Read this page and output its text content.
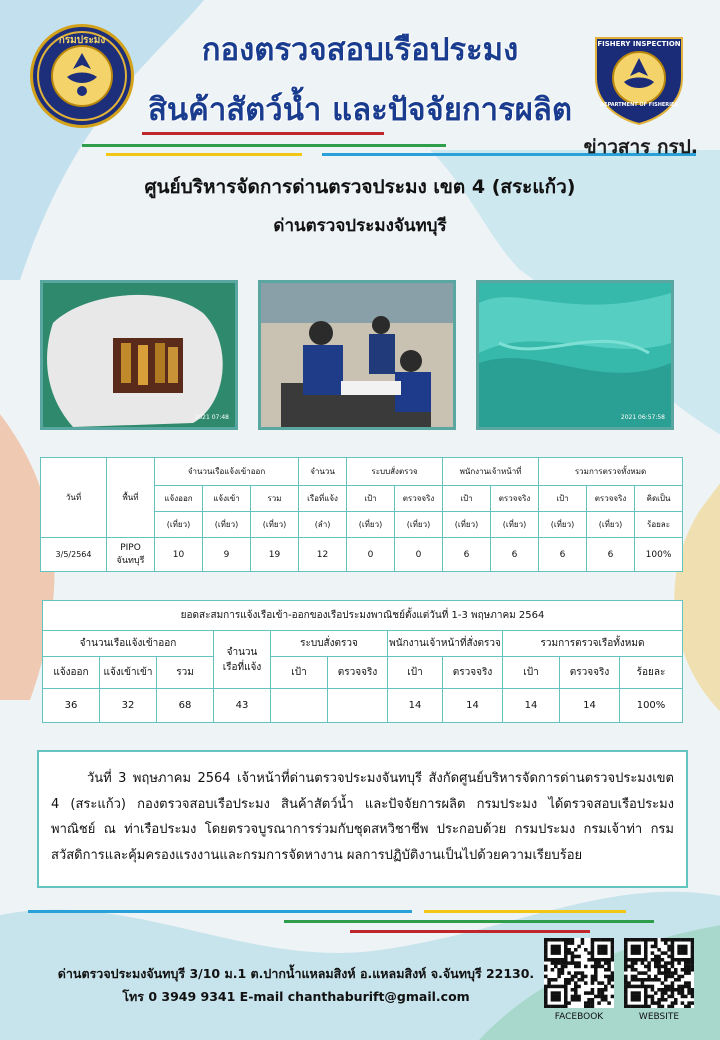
กรมประมง	FISHERY INSPECTION
DEPARTMENT OF FISHERIES
กองตรวจสอบเรือประมง
สินค้าสัตว์น้ำ และปัจจัยการผลิต
ข่าวสาร กรป.
ศูนย์บริหารจัดการด่านตรวจประมง เขต 4 (สระแก้ว)
ด่านตรวจประมงจันทบุรี
2021 07:48	2021 06:57:58
วันที่	พื้นที่	จำนวนเรือแจ้งเข้าออก			จำนวน	ระบบสั่งตรวจ		พนักงานเจ้าหน้าที่		รวมการตรวจทั้งหมด		
		แจ้งออก	แจ้งเข้า	รวม	เรือที่แจ้ง	เป้า	ตรวจจริง	เป้า	ตรวจจริง	เป้า	ตรวจจริง	คิดเป็น
		(เที่ยว)	(เที่ยว)	(เที่ยว)	(ลำ)	(เที่ยว)	(เที่ยว)	(เที่ยว)	(เที่ยว)	(เที่ยว)	(เที่ยว)	ร้อยละ
3/5/2564	PIPO จันทบุรี	10	9	19	12	0	0	6	6	6	6	100%
ยอดสะสมการแจ้งเรือเข้า-ออกของเรือประมงพาณิชย์ตั้งแต่วันที่ 1-3 พฤษภาคม 2564										
จำนวนเรือแจ้งเข้าออก			จำนวนเรือที่แจ้ง	ระบบสั่งตรวจ		พนักงานเจ้าหน้าที่สั่งตรวจ		รวมการตรวจเรือทั้งหมด		
แจ้งออก	แจ้งเข้าเข้า	รวม		เป้า	ตรวจจริง	เป้า	ตรวจจริง	เป้า	ตรวจจริง	ร้อยละ
36	32	68	43			14	14	14	14	100%
วันที่ 3 พฤษภาคม 2564 เจ้าหน้าที่ด่านตรวจประมงจันทบุรี สังกัดศูนย์บริหารจัดการด่านตรวจประมงเขต 4 (สระแก้ว) กองตรวจสอบเรือประมง สินค้าสัตว์น้ำ และปัจจัยการผลิต กรมประมง ได้ตรวจสอบเรือประมงพาณิชย์ ณ ท่าเรือประมง โดยตรวจบูรณาการร่วมกับชุดสหวิชาชีพ ประกอบด้วย กรมประมง กรมเจ้าท่า กรมสวัสดิการและคุ้มครองแรงงานและกรมการจัดหางาน ผลการปฏิบัติงานเป็นไปด้วยความเรียบร้อย
ด่านตรวจประมงจันทบุรี 3/10 ม.1 ต.ปากน้ำแหลมสิงห์ อ.แหลมสิงห์ จ.จันทบุรี 22130.
โทร 0 3949 9341 E-mail chanthaburift@gmail.com
FACEBOOK	WEBSITE
